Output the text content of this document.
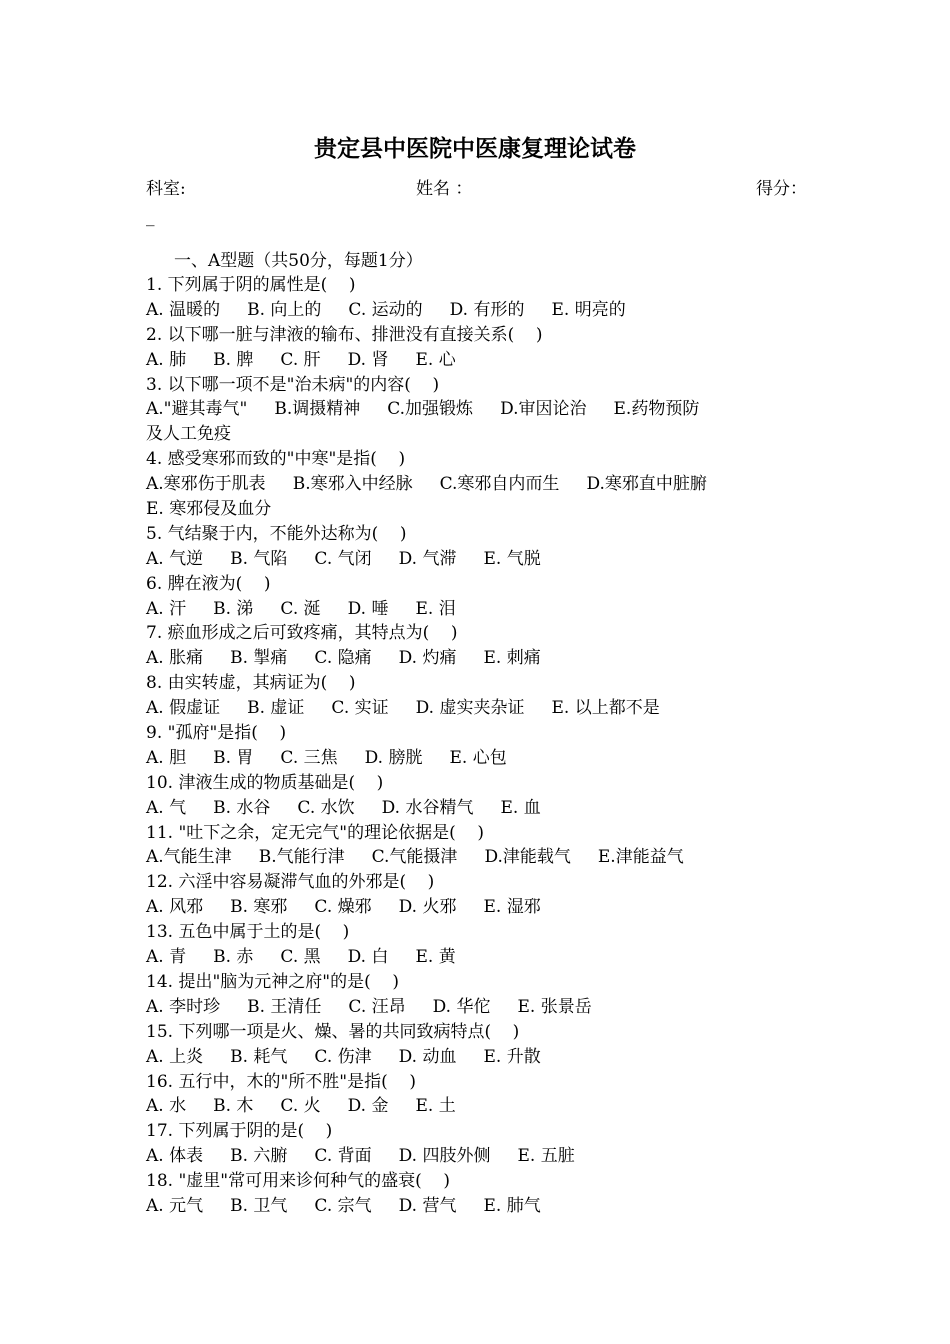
贵定县中医院中医康复理论试卷
科室:	姓名 ：	得分：
_
一、A型题（共50分，每题1分）
1. 下列属于阴的属性是(    )
A. 温暖的     B. 向上的     C. 运动的     D. 有形的     E. 明亮的
2. 以下哪一脏与津液的输布、排泄没有直接关系(    )
A. 肺     B. 脾     C. 肝     D. 肾     E. 心
3. 以下哪一项不是"治未病"的内容(    )
A."避其毒气"     B.调摄精神     C.加强锻炼     D.审因论治     E.药物预防
及人工免疫
4. 感受寒邪而致的"中寒"是指(    )
A.寒邪伤于肌表     B.寒邪入中经脉     C.寒邪自内而生     D.寒邪直中脏腑
E. 寒邪侵及血分
5. 气结聚于内，不能外达称为(    )
A. 气逆     B. 气陷     C. 气闭     D. 气滞     E. 气脱
6. 脾在液为(    )
A. 汗     B. 涕     C. 涎     D. 唾     E. 泪
7. 瘀血形成之后可致疼痛，其特点为(    )
A. 胀痛     B. 掣痛     C. 隐痛     D. 灼痛     E. 刺痛
8. 由实转虚，其病证为(    )
A. 假虚证     B. 虚证     C. 实证     D. 虚实夹杂证     E. 以上都不是
9. "孤府"是指(    )
A. 胆     B. 胃     C. 三焦     D. 膀胱     E. 心包
10. 津液生成的物质基础是(    )
A. 气     B. 水谷     C. 水饮     D. 水谷精气     E. 血
11. "吐下之余，定无完气"的理论依据是(    )
A.气能生津     B.气能行津     C.气能摄津     D.津能载气     E.津能益气
12. 六淫中容易凝滞气血的外邪是(    )
A. 风邪     B. 寒邪     C. 燥邪     D. 火邪     E. 湿邪
13. 五色中属于土的是(    )
A. 青     B. 赤     C. 黑     D. 白     E. 黄
14. 提出"脑为元神之府"的是(    )
A. 李时珍     B. 王清任     C. 汪昂     D. 华佗     E. 张景岳
15. 下列哪一项是火、燥、暑的共同致病特点(    )
A. 上炎     B. 耗气     C. 伤津     D. 动血     E. 升散
16. 五行中，木的"所不胜"是指(    )
A. 水     B. 木     C. 火     D. 金     E. 土
17. 下列属于阴的是(    )
A. 体表     B. 六腑     C. 背面     D. 四肢外侧     E. 五脏
18. "虚里"常可用来诊何种气的盛衰(    )
A. 元气     B. 卫气     C. 宗气     D. 营气     E. 肺气
